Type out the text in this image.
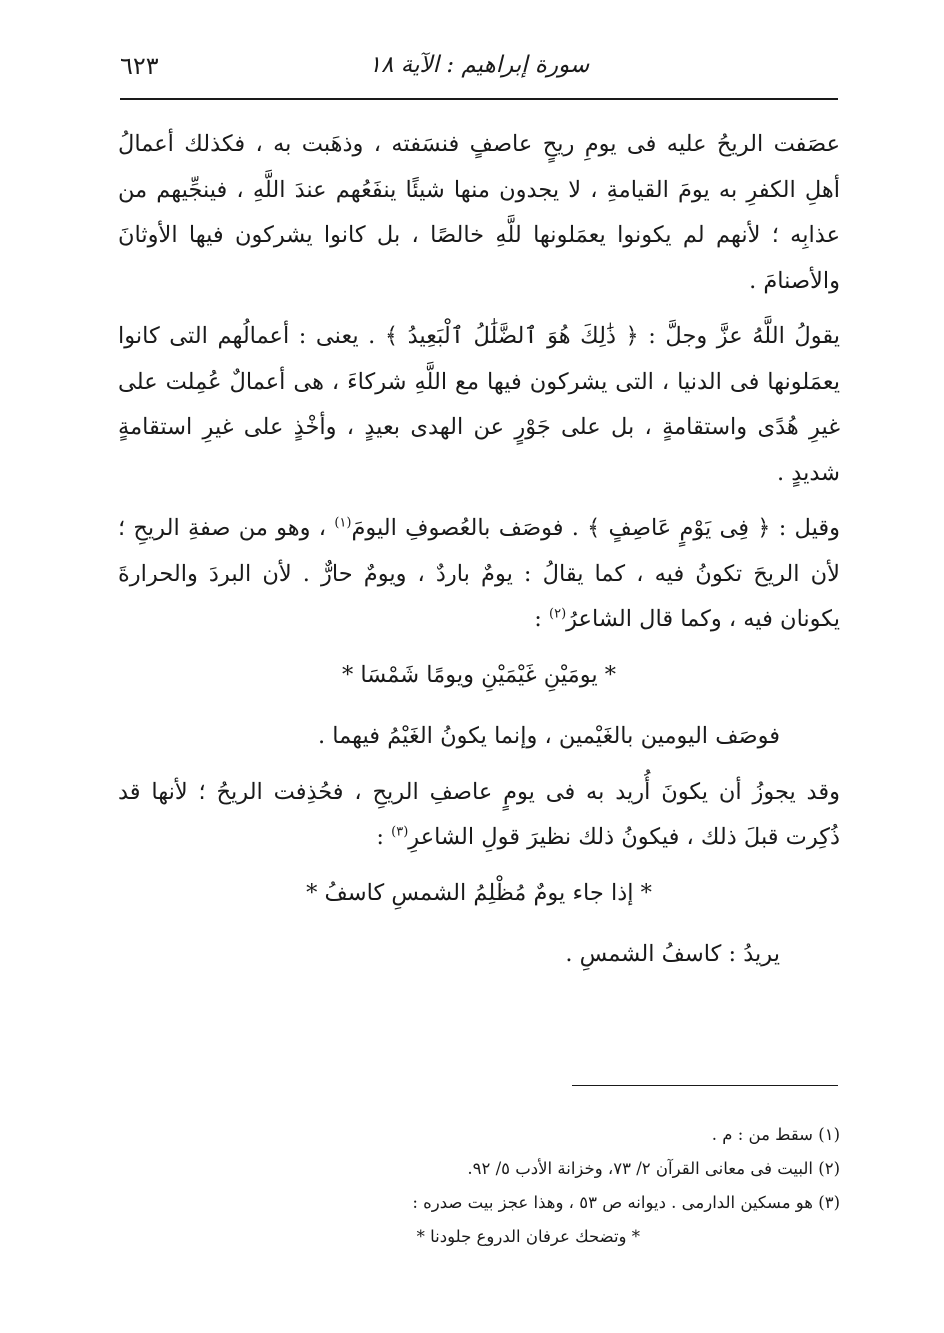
٦٢٣	سورة إبراهيم : الآية ١٨

عصَفت الريحُ عليه فى يومِ ريحٍ عاصفٍ فنسَفته ، وذهَبت به ، فكذلك أعمالُ أهلِ الكفرِ به يومَ القيامةِ ، لا يجدون منها شيئًا ينفَعُهم عندَ اللَّهِ ، فينجِّيهم من عذابِه ؛ لأنهم لم يكونوا يعمَلونها للَّهِ خالصًا ، بل كانوا يشركون فيها الأوثانَ والأصنامَ .

يقولُ اللَّهُ عزَّ وجلَّ : ﴿ ذَٰلِكَ هُوَ ٱلضَّلَٰلُ ٱلْبَعِيدُ ﴾ . يعنى : أعمالُهم التى كانوا يعمَلونها فى الدنيا ، التى يشركون فيها مع اللَّهِ شركاءَ ، هى أعمالٌ عُمِلت على غيرِ هُدًى واستقامةٍ ، بل على جَوْرٍ عن الهدى بعيدٍ ، وأخْذٍ على غيرِ استقامةٍ شديدٍ .

وقيل : ﴿ فِى يَوْمٍ عَاصِفٍ ﴾ . فوصَف بالعُصوفِ اليومَ$^{(١)}$ ، وهو من صفةِ الريحِ ؛ لأن الريحَ تكونُ فيه ، كما يقالُ : يومٌ باردٌ ، ويومٌ حارٌّ . لأن البردَ والحرارةَ يكونان فيه ، وكما قال الشاعرُ$^{(٢)}$ :

* يومَيْنِ غَيْمَيْنِ ويومًا شَمْسَا *

فوصَف اليومين بالغَيْمين ، وإنما يكونُ الغَيْمُ فيهما .

وقد يجوزُ أن يكونَ أُريد به فى يومٍ عاصفِ الريحِ ، فحُذِفت الريحُ ؛ لأنها قد ذُكِرت قبلَ ذلك ، فيكونُ ذلك نظيرَ قولِ الشاعرِ$^{(٣)}$ :

* إذا جاء يومٌ مُظْلِمُ الشمسِ كاسفُ *

يريدُ : كاسفُ الشمسِ .

(١) سقط من : م .

(٢) البيت فى معانى القرآن ٢/ ٧٣، وخزانة الأدب ٥/ ٩٢.

(٣) هو مسكين الدارمى . ديوانه ص ٥٣ ، وهذا عجز بيت صدره :

* وتضحك عرفان الدروع جلودنا *
